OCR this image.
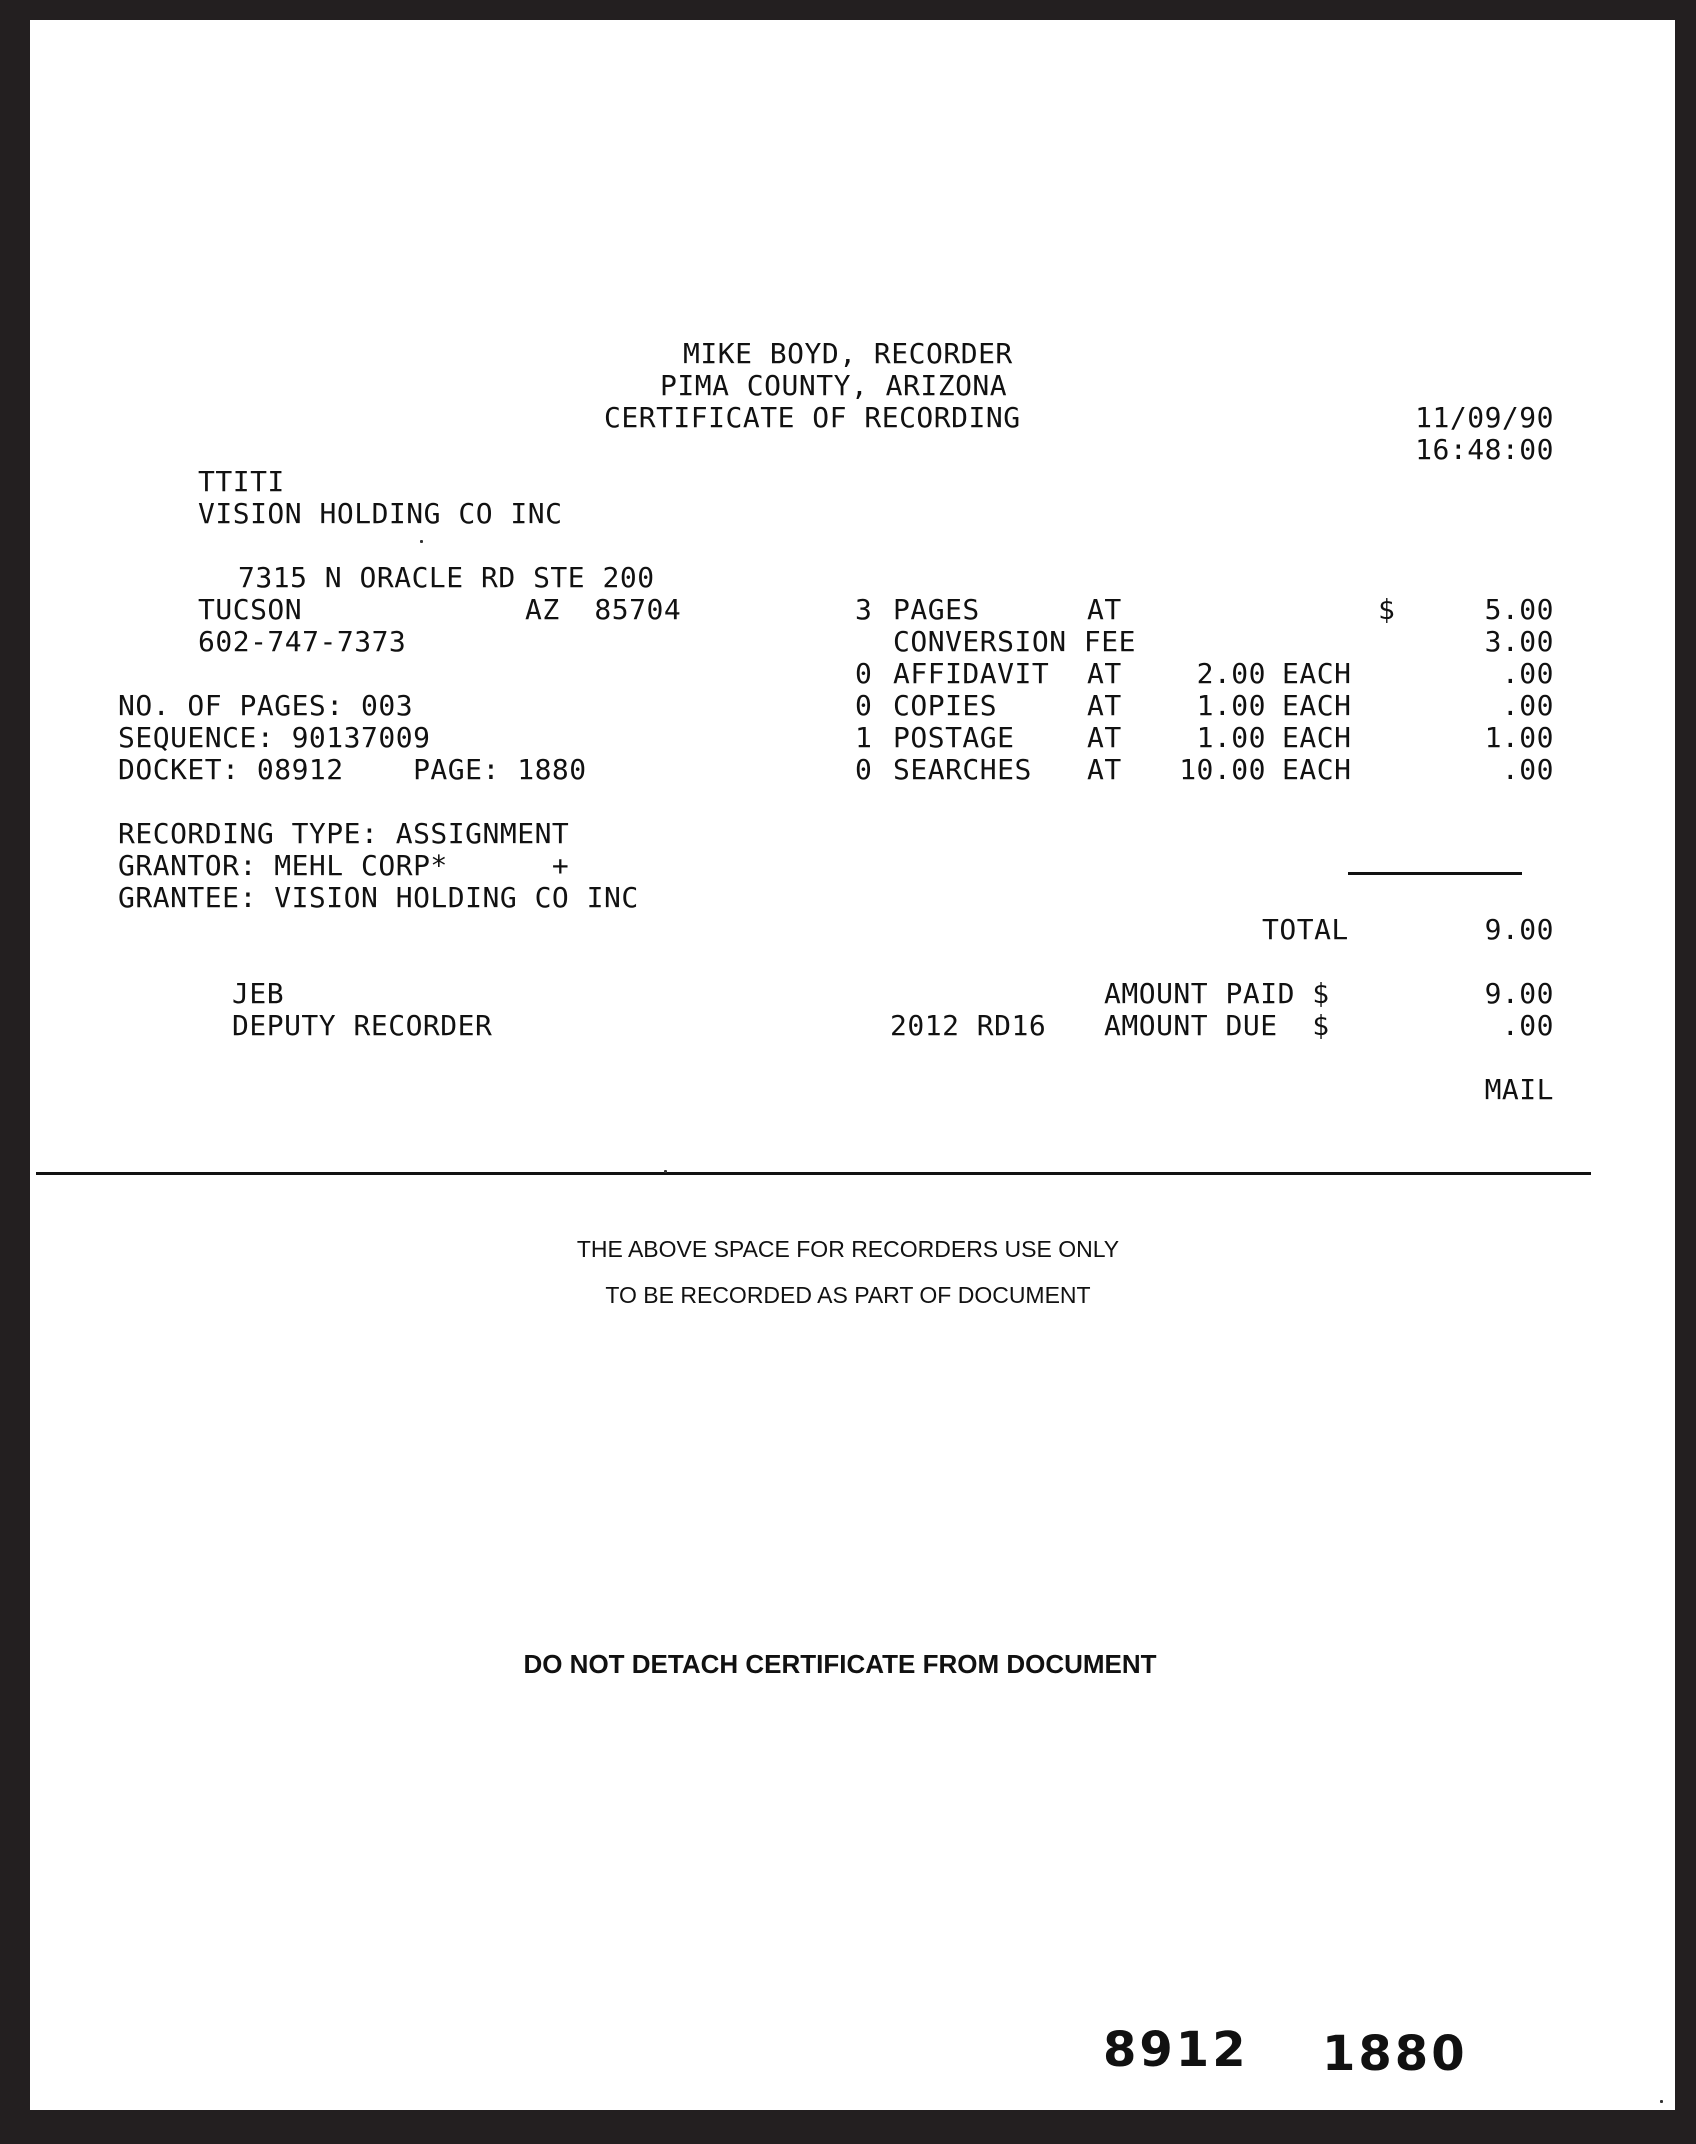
MIKE BOYD, RECORDER
PIMA COUNTY, ARIZONA
CERTIFICATE OF RECORDING	11/09/90
16:48:00
TTITI
VISION HOLDING CO INC
7315 N ORACLE RD STE 200
TUCSON	AZ  85704
602-747-7373
NO. OF PAGES: 003
SEQUENCE: 90137009
DOCKET: 08912    PAGE: 1880
RECORDING TYPE: ASSIGNMENT
GRANTOR: MEHL CORP*      +
GRANTEE: VISION HOLDING CO INC
3 PAGES	AT	$	5.00
CONVERSION FEE	3.00
0 AFFIDAVIT AT	2.00 EACH	.00
0 COPIES	AT	1.00 EACH	.00
1 POSTAGE	AT	1.00 EACH	1.00
0 SEARCHES AT	10.00 EACH	.00
TOTAL	9.00
JEB	AMOUNT PAID $	9.00
DEPUTY RECORDER	2012 RD16 AMOUNT DUE  $	.00
MAIL
THE ABOVE SPACE FOR RECORDERS USE ONLY
TO BE RECORDED AS PART OF DOCUMENT
DO NOT DETACH CERTIFICATE FROM DOCUMENT
8912 1880
